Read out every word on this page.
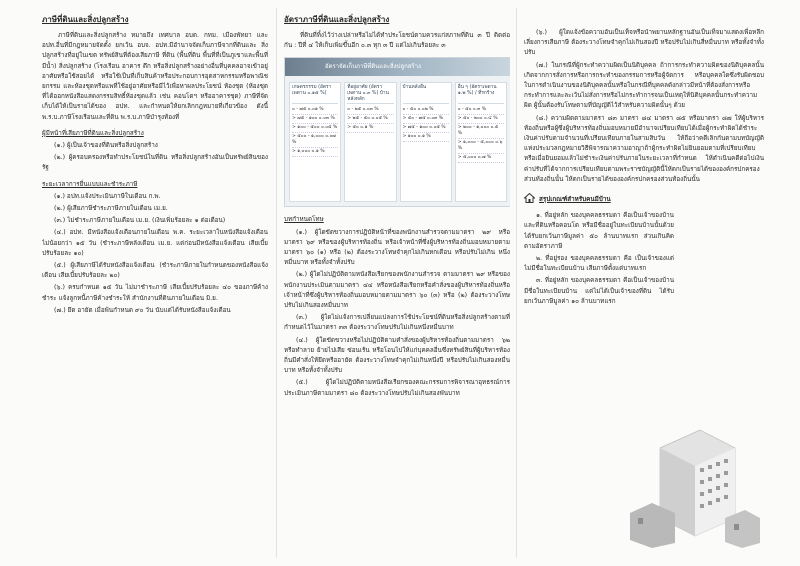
ภาษีที่ดินและสิ่งปลูกสร้าง

ภาษีที่ดินและสิ่งปลูกสร้าง หมายถึง เทศบาล อบต. กทม. เมืองพัทยา และอปท.อื่นที่มีกฎหมายจัดตั้ง ยกเว้น อบจ. อปท.มีอำนาจจัดเก็บภาษีจากที่ดินและ สิ่งปลูกสร้างที่อยู่ในเขต ทรัพย์สินที่ต้องเสียภาษี ที่ดิน (พื้นที่ดิน พื้นที่ที่เป็นภูเขาและพื้นที่มีน้ำ) สิ่งปลูกสร้าง (โรงเรือน อาคาร ตึก หรือสิ่งปลูกสร้างอย่างอื่นที่บุคคลอาจเข้าอยู่อาศัยหรือใช้สอยได้ หรือใช้เป็นที่เก็บสินค้าหรือประกอบการอุตสาหกรรมหรือพาณิชยกรรม และห้องชุดหรือแพที่ใช้อยู่อาศัยหรือมีไว้เพื่อหาผลประโยชน์ ห้องชุด (ห้องชุด ที่ได้ออกหนังสือแสดงกรรมสิทธิ์ห้องชุดแล้ว เช่น คอนโดฯ หรืออาคารชุด) ภาษีที่จัดเก็บได้ให้เป็นรายได้ของ อปท. และกำหนดให้ยกเลิกกฎหมายที่เกี่ยวข้อง ดังนี้ พ.ร.บ.ภาษีโรงเรือนและที่ดิน พ.ร.บ.ภาษีบำรุงท้องที่

ผู้มีหน้าที่เสียภาษีที่ดินและสิ่งปลูกสร้าง
(๑.) ผู้เป็นเจ้าของที่ดินหรือสิ่งปลูกสร้าง
(๒.) ผู้ครอบครองหรือทำประโยชน์ในที่ดิน หรือสิ่งปลูกสร้างอันเป็นทรัพย์สินของรัฐ
ระยะเวลาการยื่นแบบและชำระภาษี
(๑.) อปท.แจ้งประเมินภาษีในเดือน ก.พ.
(๒.) ผู้เสียภาษีชำระภาษีภายในเดือน เม.ย.
(๓.) ไม่ชำระภาษีภายในเดือน เม.ย. (เงินเพิ่มร้อยละ ๑ ต่อเดือน)
(๔.) อปท. มีหนังสือแจ้งเตือนภายในเดือน พ.ค. ระยะเวลาในหนังสือแจ้งเตือน ไม่น้อยกว่า ๑๕ วัน (ชำระภาษีหลังเดือน เม.ย. แต่ก่อนมีหนังสือแจ้งเตือน เสียเบี้ยปรับร้อยละ ๑๐)
(๕.) ผู้เสียภาษีได้รับหนังสือแจ้งเตือน (ชำระภาษีภายในกำหนดของหนังสือแจ้งเตือน เสียเบี้ยปรับร้อยละ ๒๐)
(๖.) ครบกำหนด ๑๕ วัน ไม่มาชำระภาษี เสียเบี้ยปรับร้อยละ ๔๐ ของภาษีค้างชำระ แจ้งลูกหนี้ภาษีค้างชำระให้ สำนักงานที่ดินภายในเดือน มิ.ย.
(๗.) ยึด อายัด เมื่อพ้นกำหนด ๙๐ วัน นับแต่ได้รับหนังสือแจ้งเตือน
อัตราภาษีที่ดินและสิ่งปลูกสร้าง

ที่ดินที่ทิ้งไว้ว่างเปล่าหรือไม่ได้ทำประโยชน์ตามควรแก่สภาพที่ดิน ๓ ปี ติดต่อกัน : ปีที่ ๔ ให้เก็บเพิ่มขึ้นอีก ๐.๓ ทุก ๓ ปี แต่ไม่เกินร้อยละ ๓

อัตราจัดเก็บภาษีที่ดินและสิ่งปลูกสร้าง
เกษตรกรรม (อัตราเพดาน ๐.๑๕ %)
๐ - ๗๕ ๐.๐๑ %
> ๗๕ - ๑๐๐ ๐.๐๓ %
> ๑๐๐ - ๕๐๐ ๐.๐๕ %
> ๕๐๐ - ๑,๐๐๐ ๐.๐๗ %
> ๑,๐๐๐ ๐.๑ %
ที่อยู่อาศัย (อัตราเพดาน ๐.๓ %) บ้านหลังหลัก
๐ - ๒๕ ๐.๐๓ %
> ๒๕ - ๕๐ ๐.๐๕ %
> ๕๐ ๐.๑ %
บ้านหลังอื่น
๐ - ๕๐ ๐.๐๒ %
> ๕๐ - ๗๕ ๐.๐๓ %
> ๗๕ - ๑๐๐ ๐.๐๕ %
> ๑๐๐ ๐.๑ %
อื่น ๆ (อัตราเพดาน ๑.๒ %) / ที่รกร้าง
๐ - ๕๐ ๐.๓ %
> ๕๐ - ๒๐๐ ๐.๔ %
> ๒๐๐ - ๑,๐๐๐ ๐.๕ %
> ๑,๐๐๐ - ๕,๐๐๐ ๐.๖ %
> ๕,๐๐๐ ๐.๗ %
บทกำหนดโทษ
(๑.) ผู้ใดขัดขวางการปฏิบัติหน้าที่ของพนักงานสำรวจตามมาตรา ๒๙ หรือมาตรา ๖๙ หรือของผู้บริหารท้องถิ่น หรือเจ้าหน้าที่ซึ่งผู้บริหารท้องถิ่นมอบหมายตามมาตรา ๖๐ (๑) หรือ (๒) ต้องระวางโทษจำคุกไม่เกินหกเดือน หรือปรับไม่เกิน หนึ่งหมื่นบาท หรือทั้งจำทั้งปรับ
(๒.) ผู้ใดไม่ปฏิบัติตามหนังสือเรียกของพนักงานสำรวจ ตามมาตรา ๒๙ หรือของพนักงานประเมินตามมาตรา ๔๔ หรือหนังสือเรียกหรือคำสั่งของผู้บริหารท้องถิ่นหรือเจ้าหน้าที่ซึ่งผู้บริหารท้องถิ่นมอบหมายตามมาตรา ๖๐ (๓) หรือ (๒) ต้องระวางโทษปรับไม่เกินสองหมื่นบาท
(๓.) ผู้ใดไม่แจ้งการเปลี่ยนแปลงการใช้ประโยชน์ที่ดินหรือสิ่งปลูกสร้างตามที่กำหนดไว้ในมาตรา ๓๓ ต้องระวางโทษปรับไม่เกินหนึ่งหมื่นบาท
(๔.) ผู้ใดขัดขวางหรือไม่ปฏิบัติตามคำสั่งของผู้บริหารท้องถิ่นตามมาตรา ๖๒ หรือทำลาย ย้ายไปเสีย ซ่อนเร้น หรือโอนไปให้แก่บุคคลอื่นซึ่งทรัพย์สินที่ผู้บริหารท้องถิ่นมีคำสั่งให้ยึดหรืออายัด ต้องระวางโทษจำคุกไม่เกินหนึ่งปี หรือปรับไม่เกินสองหมื่นบาท หรือทั้งจำทั้งปรับ
(๕.) ผู้ใดไม่ปฏิบัติตามหนังสือเรียกของคณะกรรมการพิจารณาอุทธรณ์การประเมินภาษีตามมาตรา ๘๐ ต้องระวางโทษปรับไม่เกินสองพันบาท
(๖.) ผู้ใดแจ้งข้อความอันเป็นเท็จหรือนำพยานหลักฐานอันเป็นเท็จมาแสดงเพื่อหลีกเลี่ยงการเสียภาษี ต้องระวางโทษจำคุกไม่เกินสองปี หรือปรับไม่เกินสี่หมื่นบาท หรือทั้งจำทั้งปรับ
(๗.) ในกรณีที่ผู้กระทำความผิดเป็นนิติบุคคล ถ้าการกระทำความผิดของนิติบุคคลนั้นเกิดจากการสั่งการหรือการกระทำของกรรมการหรือผู้จัดการ หรือบุคคลใดซึ่งรับผิดชอบ ในการดำเนินงานของนิติบุคคลนั้นหรือในกรณีที่บุคคลดังกล่าวมีหน้าที่ต้องสั่งการหรือกระทำการและละเว้นไม่สั่งการหรือไม่กระทำการจนเป็นเหตุให้นิติบุคคลนั้นกระทำความผิด ผู้นั้นต้องรับโทษตามที่บัญญัติไว้สำหรับความผิดนั้นๆ ด้วย
(๘.) ความผิดตามมาตรา ๘๓ มาตรา ๘๔ มาตรา ๘๕ หรือมาตรา ๘๗ ให้ผู้บริหารท้องถิ่นหรือผู้ซึ่งผู้บริหารท้องถิ่นมอบหมายมีอำนาจเปรียบเทียบได้เมื่อผู้กระทำผิดได้ชำระเงินค่าปรับตามจำนวนที่เปรียบเทียบภายในสามสิบวัน ให้ถือว่าคดีเลิกกันตามบทบัญญัติแห่งประมวลกฎหมายวิธีพิจารณาความอาญาถ้าผู้กระทำผิดไม่ยินยอมตามที่เปรียบเทียบ หรือเมื่อยินยอมแล้วไม่ชำระเงินค่าปรับภายในระยะเวลาที่กำหนด ให้ดำเนินคดีต่อไปเงินค่าปรับที่ได้จากการเปรียบเทียบตามพระราชบัญญัตินี้ให้ตกเป็นรายได้ขององค์กรปกครองส่วนท้องถิ่นนั้น ให้ตกเป็นรายได้ขององค์กรปกครองส่วนท้องถิ่นนั้น
สรุปเกณฑ์สำหรับคนมีบ้าน
๑. ที่อยู่หลัก ของบุคคลธรรมดา คือเป็นเจ้าของบ้านและที่ดินหรือคอนโด หรือมีชื่ออยู่ในทะเบียนบ้านนั้นด้วย ได้รับยกเว้นภาษีมูลค่า ๕๐ ล้านบาทแรก ส่วนเกินคิดตามอัตราภาษี
๒. ที่อยู่รอง ของบุคคลธรรมดา คือ เป็นเจ้าของแต่ ไม่มีชื่อในทะเบียนบ้าน เสียภาษีตั้งแต่บาทแรก
๓. ที่อยู่หลัก ของบุคคลธรรมดา คือเป็นเจ้าของบ้าน มีชื่อในทะเบียนบ้าน แต่ไม่ได้เป็นเจ้าของที่ดิน ได้รับยกเว้นภาษีมูลค่า ๑๐ ล้านบาทแรก
